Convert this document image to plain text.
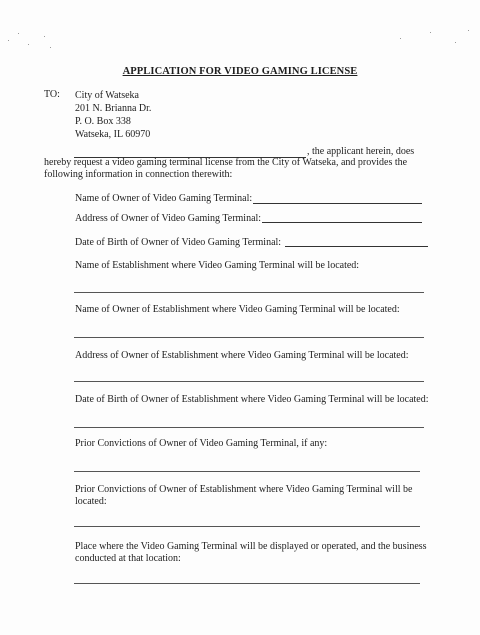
APPLICATION FOR VIDEO GAMING LICENSE
TO: City of Watseka
201 N. Brianna Dr.
P. O. Box 338
Watseka, IL 60970
, the applicant herein, does
hereby request a video gaming terminal license from the City of Watseka, and provides the
following information in connection therewith:
Name of Owner of Video Gaming Terminal:
Address of Owner of Video Gaming Terminal:
Date of Birth of Owner of Video Gaming Terminal:
Name of Establishment where Video Gaming Terminal will be located:
Name of Owner of Establishment where Video Gaming Terminal will be located:
Address of Owner of Establishment where Video Gaming Terminal will be located:
Date of Birth of Owner of Establishment where Video Gaming Terminal will be located:
Prior Convictions of Owner of Video Gaming Terminal, if any:
Prior Convictions of Owner of Establishment where Video Gaming Terminal will be
located:
Place where the Video Gaming Terminal will be displayed or operated, and the business
conducted at that location:
